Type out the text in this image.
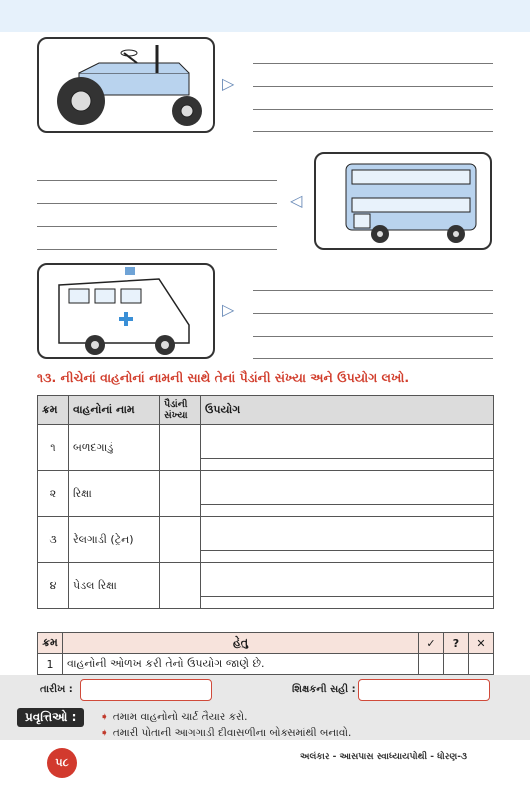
▷
◁
▷
૧૩. નીચેનાં વાહનોનાં નામની સાથે તેનાં પૈડાંની સંખ્યા અને ઉપયોગ લખો.
ક્રમ	વાહનોનાં નામ	પૈડાંની સંખ્યા	ઉપયોગ
૧	બળદગાડું		

૨	રિક્ષા		

૩	રેલગાડી (ટ્રેન)		

૪	પેડલ રિક્ષા		
ક્રમ	હેતુ	✓	?	✕
1	વાહનોની ઓળખ કરી તેનો ઉપયોગ જાણે છે.			
તારીખ :	શિક્ષકની સહી :
પ્રવૃત્તિઓ :	➧ તમામ વાહનોનો ચાર્ટ તૈયાર કરો.
➧ તમારી પોતાની આગગાડી દીવાસળીના બોક્સમાંથી બનાવો.
૫૮	અલંકાર - આસપાસ સ્વાધ્યાયપોથી - ધોરણ-૩
